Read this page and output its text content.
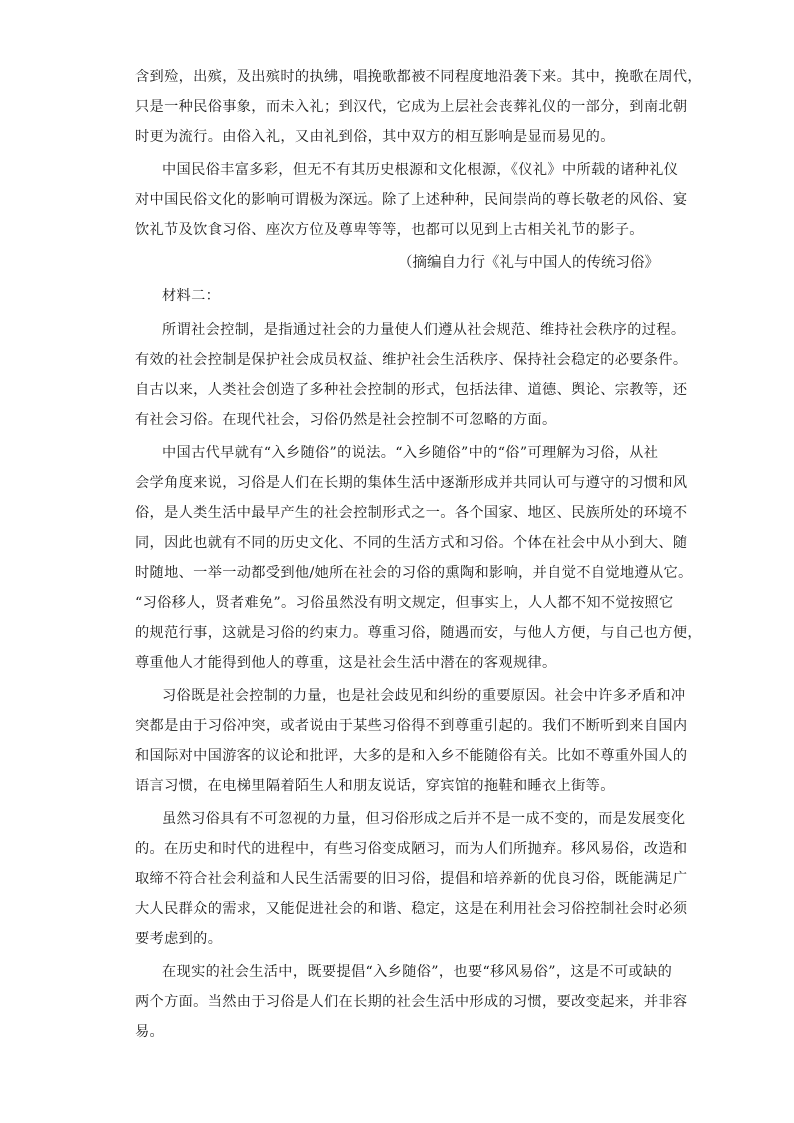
含到殓，出殡，及出殡时的执绋，唱挽歌都被不同程度地沿袭下来。其中，挽歌在周代，
只是一种民俗事象，而未入礼；到汉代，它成为上层社会丧葬礼仪的一部分，到南北朝
时更为流行。由俗入礼，又由礼到俗，其中双方的相互影响是显而易见的。
中国民俗丰富多彩，但无不有其历史根源和文化根源，《仪礼》中所载的诸种礼仪
对中国民俗文化的影响可谓极为深远。除了上述种种，民间崇尚的尊长敬老的风俗、宴
饮礼节及饮食习俗、座次方位及尊卑等等，也都可以见到上古相关礼节的影子。
（摘编自力行《礼与中国人的传统习俗》
材料二：
所谓社会控制，是指通过社会的力量使人们遵从社会规范、维持社会秩序的过程。
有效的社会控制是保护社会成员权益、维护社会生活秩序、保持社会稳定的必要条件。
自古以来，人类社会创造了多种社会控制的形式，包括法律、道德、舆论、宗教等，还
有社会习俗。在现代社会，习俗仍然是社会控制不可忽略的方面。
中国古代早就有“入乡随俗”的说法。“入乡随俗”中的“俗”可理解为习俗，从社
会学角度来说，习俗是人们在长期的集体生活中逐渐形成并共同认可与遵守的习惯和风
俗，是人类生活中最早产生的社会控制形式之一。各个国家、地区、民族所处的环境不
同，因此也就有不同的历史文化、不同的生活方式和习俗。个体在社会中从小到大、随
时随地、一举一动都受到他/她所在社会的习俗的熏陶和影响，并自觉不自觉地遵从它。
“习俗移人，贤者难免”。习俗虽然没有明文规定，但事实上，人人都不知不觉按照它
的规范行事，这就是习俗的约束力。尊重习俗，随遇而安，与他人方便，与自己也方便，
尊重他人才能得到他人的尊重，这是社会生活中潜在的客观规律。
习俗既是社会控制的力量，也是社会歧见和纠纷的重要原因。社会中许多矛盾和冲
突都是由于习俗冲突，或者说由于某些习俗得不到尊重引起的。我们不断听到来自国内
和国际对中国游客的议论和批评，大多的是和入乡不能随俗有关。比如不尊重外国人的
语言习惯，在电梯里隔着陌生人和朋友说话，穿宾馆的拖鞋和睡衣上街等。
虽然习俗具有不可忽视的力量，但习俗形成之后并不是一成不变的，而是发展变化
的。在历史和时代的进程中，有些习俗变成陋习，而为人们所抛弃。移风易俗，改造和
取缔不符合社会利益和人民生活需要的旧习俗，提倡和培养新的优良习俗，既能满足广
大人民群众的需求，又能促进社会的和谐、稳定，这是在利用社会习俗控制社会时必须
要考虑到的。
在现实的社会生活中，既要提倡“入乡随俗”，也要“移风易俗”，这是不可或缺的
两个方面。当然由于习俗是人们在长期的社会生活中形成的习惯，要改变起来，并非容
易。
